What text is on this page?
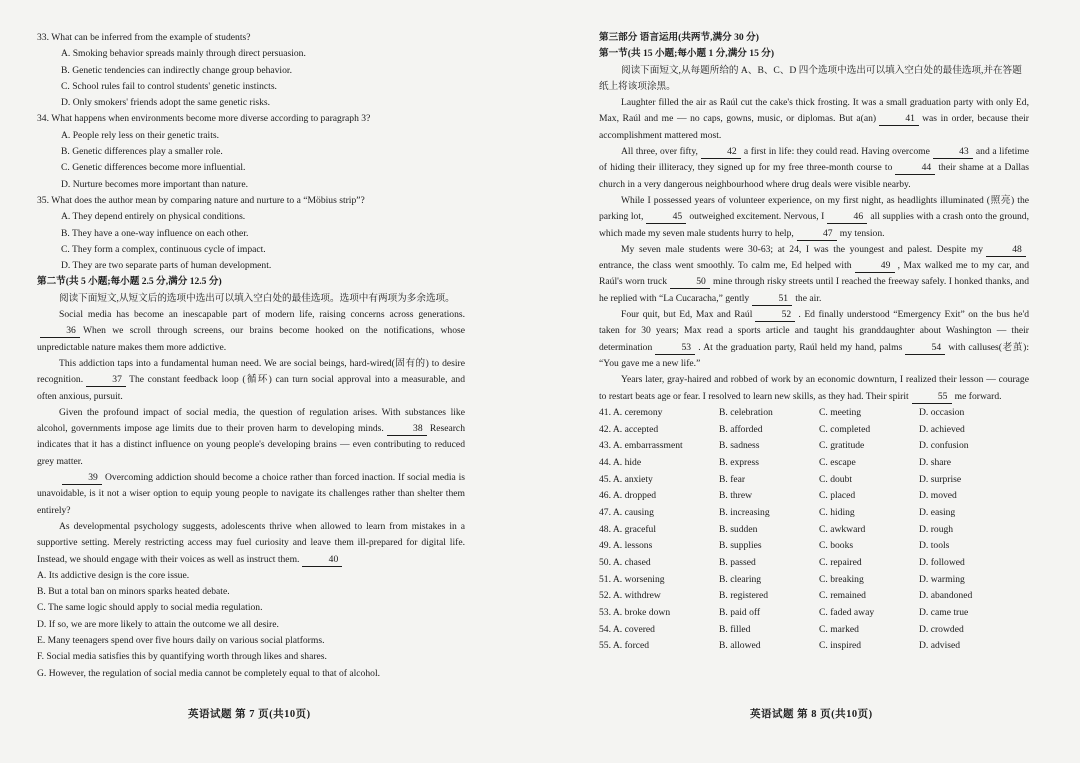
33. What can be inferred from the example of students?

A. Smoking behavior spreads mainly through direct persuasion.

B. Genetic tendencies can indirectly change group behavior.

C. School rules fail to control students' genetic instincts.

D. Only smokers' friends adopt the same genetic risks.

34. What happens when environments become more diverse according to paragraph 3?

A. People rely less on their genetic traits.

B. Genetic differences play a smaller role.

C. Genetic differences become more influential.

D. Nurture becomes more important than nature.

35. What does the author mean by comparing nature and nurture to a “Möbius strip”?

A. They depend entirely on physical conditions.

B. They have a one-way influence on each other.

C. They form a complex, continuous cycle of impact.

D. They are two separate parts of human development.

第二节(共 5 小题;每小题 2.5 分,满分 12.5 分)

阅读下面短文,从短文后的选项中选出可以填入空白处的最佳选项。选项中有两项为多余选项。

Social media has become an inescapable part of modern life, raising concerns across generations.36 When we scroll through screens, our brains become hooked on the notifications, whose unpredictable nature makes them more addictive.

This addiction taps into a fundamental human need. We are social beings, hard-wired(固有的) to desire recognition.	37 The constant feedback loop (循环) can turn social approval into a measurable, and often anxious, pursuit.

Given the profound impact of social media, the question of regulation arises. With substances like alcohol, governments impose age limits due to their proven harm to developing minds.	38 Research indicates that it has a distinct influence on young people's developing brains — even contributing to reduced grey matter.

39 Overcoming addiction should become a choice rather than forced inaction. If social media is unavoidable, is it not a wiser option to equip young people to navigate its challenges rather than shelter them entirely?

As developmental psychology suggests, adolescents thrive when allowed to learn from mistakes in a supportive setting. Merely restricting access may fuel curiosity and leave them ill-prepared for digital life. Instead, we should engage with their voices as well as instruct them.	40

A. Its addictive design is the core issue.

B. But a total ban on minors sparks heated debate.

C. The same logic should apply to social media regulation.

D. If so, we are more likely to attain the outcome we all desire.

E. Many teenagers spend over five hours daily on various social platforms.

F. Social media satisfies this by quantifying worth through likes and shares.

G. However, the regulation of social media cannot be completely equal to that of alcohol.

第三部分 语言运用(共两节,满分 30 分)

第一节(共 15 小题;每小题 1 分,满分 15 分)

阅读下面短文,从每题所给的 A、B、C、D 四个选项中选出可以填入空白处的最佳选项,并在答题纸上将该项涂黑。

Laughter filled the air as Raúl cut the cake's thick frosting. It was a small graduation party with only Ed, Max, Raúl and me — no caps, gowns, music, or diplomas. But a(an)	41 was in order, because their accomplishment mattered most.

All three, over fifty,	42 a first in life: they could read. Having overcome	43 and a lifetime of hiding their illiteracy, they signed up for my free three-month course to	44 their shame at a Dallas church in a very dangerous neighbourhood where drug deals were visible nearby.

While I possessed years of volunteer experience, on my first night, as headlights illuminated (照亮) the parking lot,	45 outweighed excitement. Nervous, I	46 all supplies with a crash onto the ground, which made my seven male students hurry to help,	47 my tension.

My seven male students were 30-63; at 24, I was the youngest and palest. Despite my	48entrance, the class went smoothly. To calm me, Ed helped with	49 , Max walked me to my car, and Raúl's worn truck	50 mine through risky streets until I reached the freeway safely. I honked thanks, and he replied with “La Cucaracha,” gently	51 the air.

Four quit, but Ed, Max and Raúl	52 . Ed finally understood “Emergency Exit” on the bus he'd taken for 30 years; Max read a sports article and taught his granddaughter about Washington — their determination	53 . At the graduation party, Raúl held my hand, palms	54 with calluses(老茧): “You gave me a new life.”

Years later, gray-haired and robbed of work by an economic downturn, I realized their lesson — courage to restart beats age or fear. I resolved to learn new skills, as they had. Their spirit	55 me forward.

41. A. ceremony	B. celebration	C. meeting	D. occasion
42. A. accepted	B. afforded	C. completed	D. achieved
43. A. embarrassment	B. sadness	C. gratitude	D. confusion
44. A. hide	B. express	C. escape	D. share
45. A. anxiety	B. fear	C. doubt	D. surprise
46. A. dropped	B. threw	C. placed	D. moved
47. A. causing	B. increasing	C. hiding	D. easing
48. A. graceful	B. sudden	C. awkward	D. rough
49. A. lessons	B. supplies	C. books	D. tools
50. A. chased	B. passed	C. repaired	D. followed
51. A. worsening	B. clearing	C. breaking	D. warming
52. A. withdrew	B. registered	C. remained	D. abandoned
53. A. broke down	B. paid off	C. faded away	D. came true
54. A. covered	B. filled	C. marked	D. crowded
55. A. forced	B. allowed	C. inspired	D. advised
英语试题 第 7 页(共10页)	英语试题 第 8 页(共10页)
